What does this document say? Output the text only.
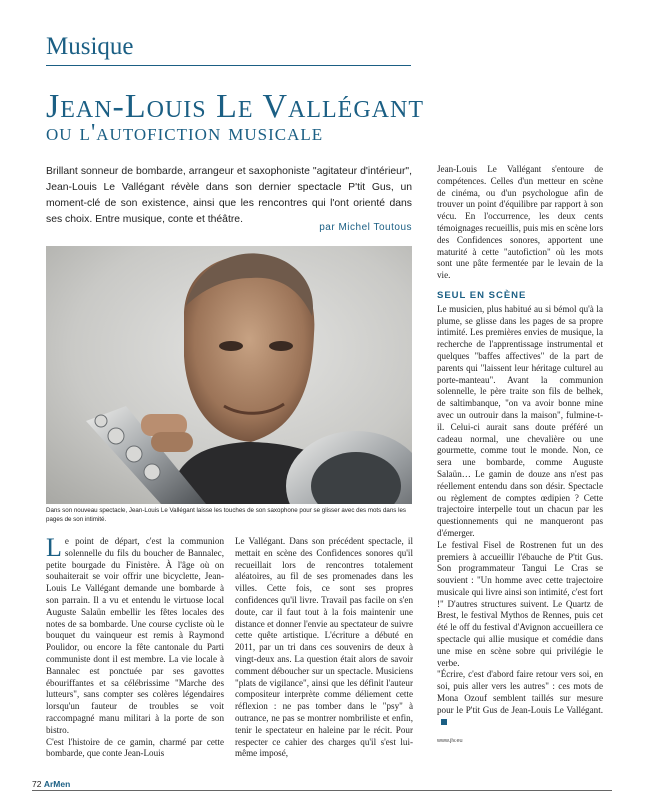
Musique
Jean-Louis Le Vallégant
ou l'autofiction musicale
Brillant sonneur de bombarde, arrangeur et saxophoniste "agitateur d'intérieur", Jean-Louis Le Vallégant révèle dans son dernier spectacle P'tit Gus, un moment-clé de son existence, ainsi que les rencontres qui l'ont orienté dans ses choix. Entre musique, conte et théâtre.
par Michel Toutous
Dans son nouveau spectacle, Jean-Louis Le Vallégant laisse les touches de son saxophone pour se glisser avec des mots dans les pages de son intimité.

Le point de départ, c'est la communion solennelle du fils du boucher de Bannalec, petite bourgade du Finistère. À l'âge où on souhaiterait se voir offrir une bicyclette, Jean-Louis Le Vallégant demande une bombarde à son parrain. Il a vu et entendu le virtuose local Auguste Salaün embellir les fêtes locales des notes de sa bombarde. Une course cycliste où le bouquet du vainqueur est remis à Raymond Poulidor, ou encore la fête cantonale du Parti communiste dont il est membre. La vie locale à Bannalec est ponctuée par ses gavottes ébouriffantes et sa célébrissime "Marche des lutteurs", sans compter ses colères légendaires lorsqu'un fauteur de troubles se voit raccompagné manu militari à la porte de son bistro.

C'est l'histoire de ce gamin, charmé par cette bombarde, que conte Jean-Louis

Le Vallégant. Dans son précédent spectacle, il mettait en scène des Confidences sonores qu'il recueillait lors de rencontres totalement aléatoires, au fil de ses promenades dans les villes. Cette fois, ce sont ses propres confidences qu'il livre. Travail pas facile on s'en doute, car il faut tout à la fois maintenir une distance et donner l'envie au spectateur de suivre cette quête artistique. L'écriture a débuté en 2011, par un tri dans ces souvenirs de deux à vingt-deux ans. La question était alors de savoir comment déboucher sur un spectacle. Musiciens "plats de vigilance", ainsi que les définit l'auteur compositeur interprète comme déliement cette réflexion : ne pas tomber dans le "psy" à outrance, ne pas se montrer nombriliste et enfin, tenir le spectateur en haleine par le récit. Pour respecter ce cahier des charges qu'il s'est lui-même imposé,

Jean-Louis Le Vallégant s'entoure de compétences. Celles d'un metteur en scène de cinéma, ou d'un psychologue afin de trouver un point d'équilibre par rapport à son vécu. En l'occurrence, les deux cents témoignages recueillis, puis mis en scène lors des Confidences sonores, apportent une maturité à cette "autofiction" où les mots sont une pâte fermentée par le levain de la vie.

SEUL EN SCÈNE

Le musicien, plus habitué au si bémol qu'à la plume, se glisse dans les pages de sa propre intimité. Les premières envies de musique, la recherche de l'apprentissage instrumental et quelques "baffes affectives" de la part de parents qui "laissent leur héritage culturel au porte-manteau". Avant la communion solennelle, le père traite son fils de belhek, de saltimbanque, "on va avoir bonne mine avec un outrouir dans la maison", fulmine-t-il. Celui-ci aurait sans doute préféré un cadeau normal, une chevalière ou une gourmette, comme tout le monde. Non, ce sera une bombarde, comme Auguste Salaün… Le gamin de douze ans n'est pas réellement entendu dans son désir. Spectacle ou règlement de comptes œdipien ? Cette trajectoire interpelle tout un chacun par les questionnements qui ne manqueront pas d'émerger.

Le festival Fisel de Rostrenen fut un des premiers à accueillir l'ébauche de P'tit Gus. Son programmateur Tangui Le Cras se souvient : "Un homme avec cette trajectoire musicale qui livre ainsi son intimité, c'est fort !" D'autres structures suivent. Le Quartz de Brest, le festival Mythos de Rennes, puis cet été le off du festival d'Avignon accueillera ce spectacle qui allie musique et comédie dans une mise en scène sobre qui privilégie le verbe.

"Écrire, c'est d'abord faire retour vers soi, en soi, puis aller vers les autres" : ces mots de Mona Ozouf semblent taillés sur mesure pour le P'tit Gus de Jean-Louis Le Vallégant.

www.jlv.eu
72 ArMen
